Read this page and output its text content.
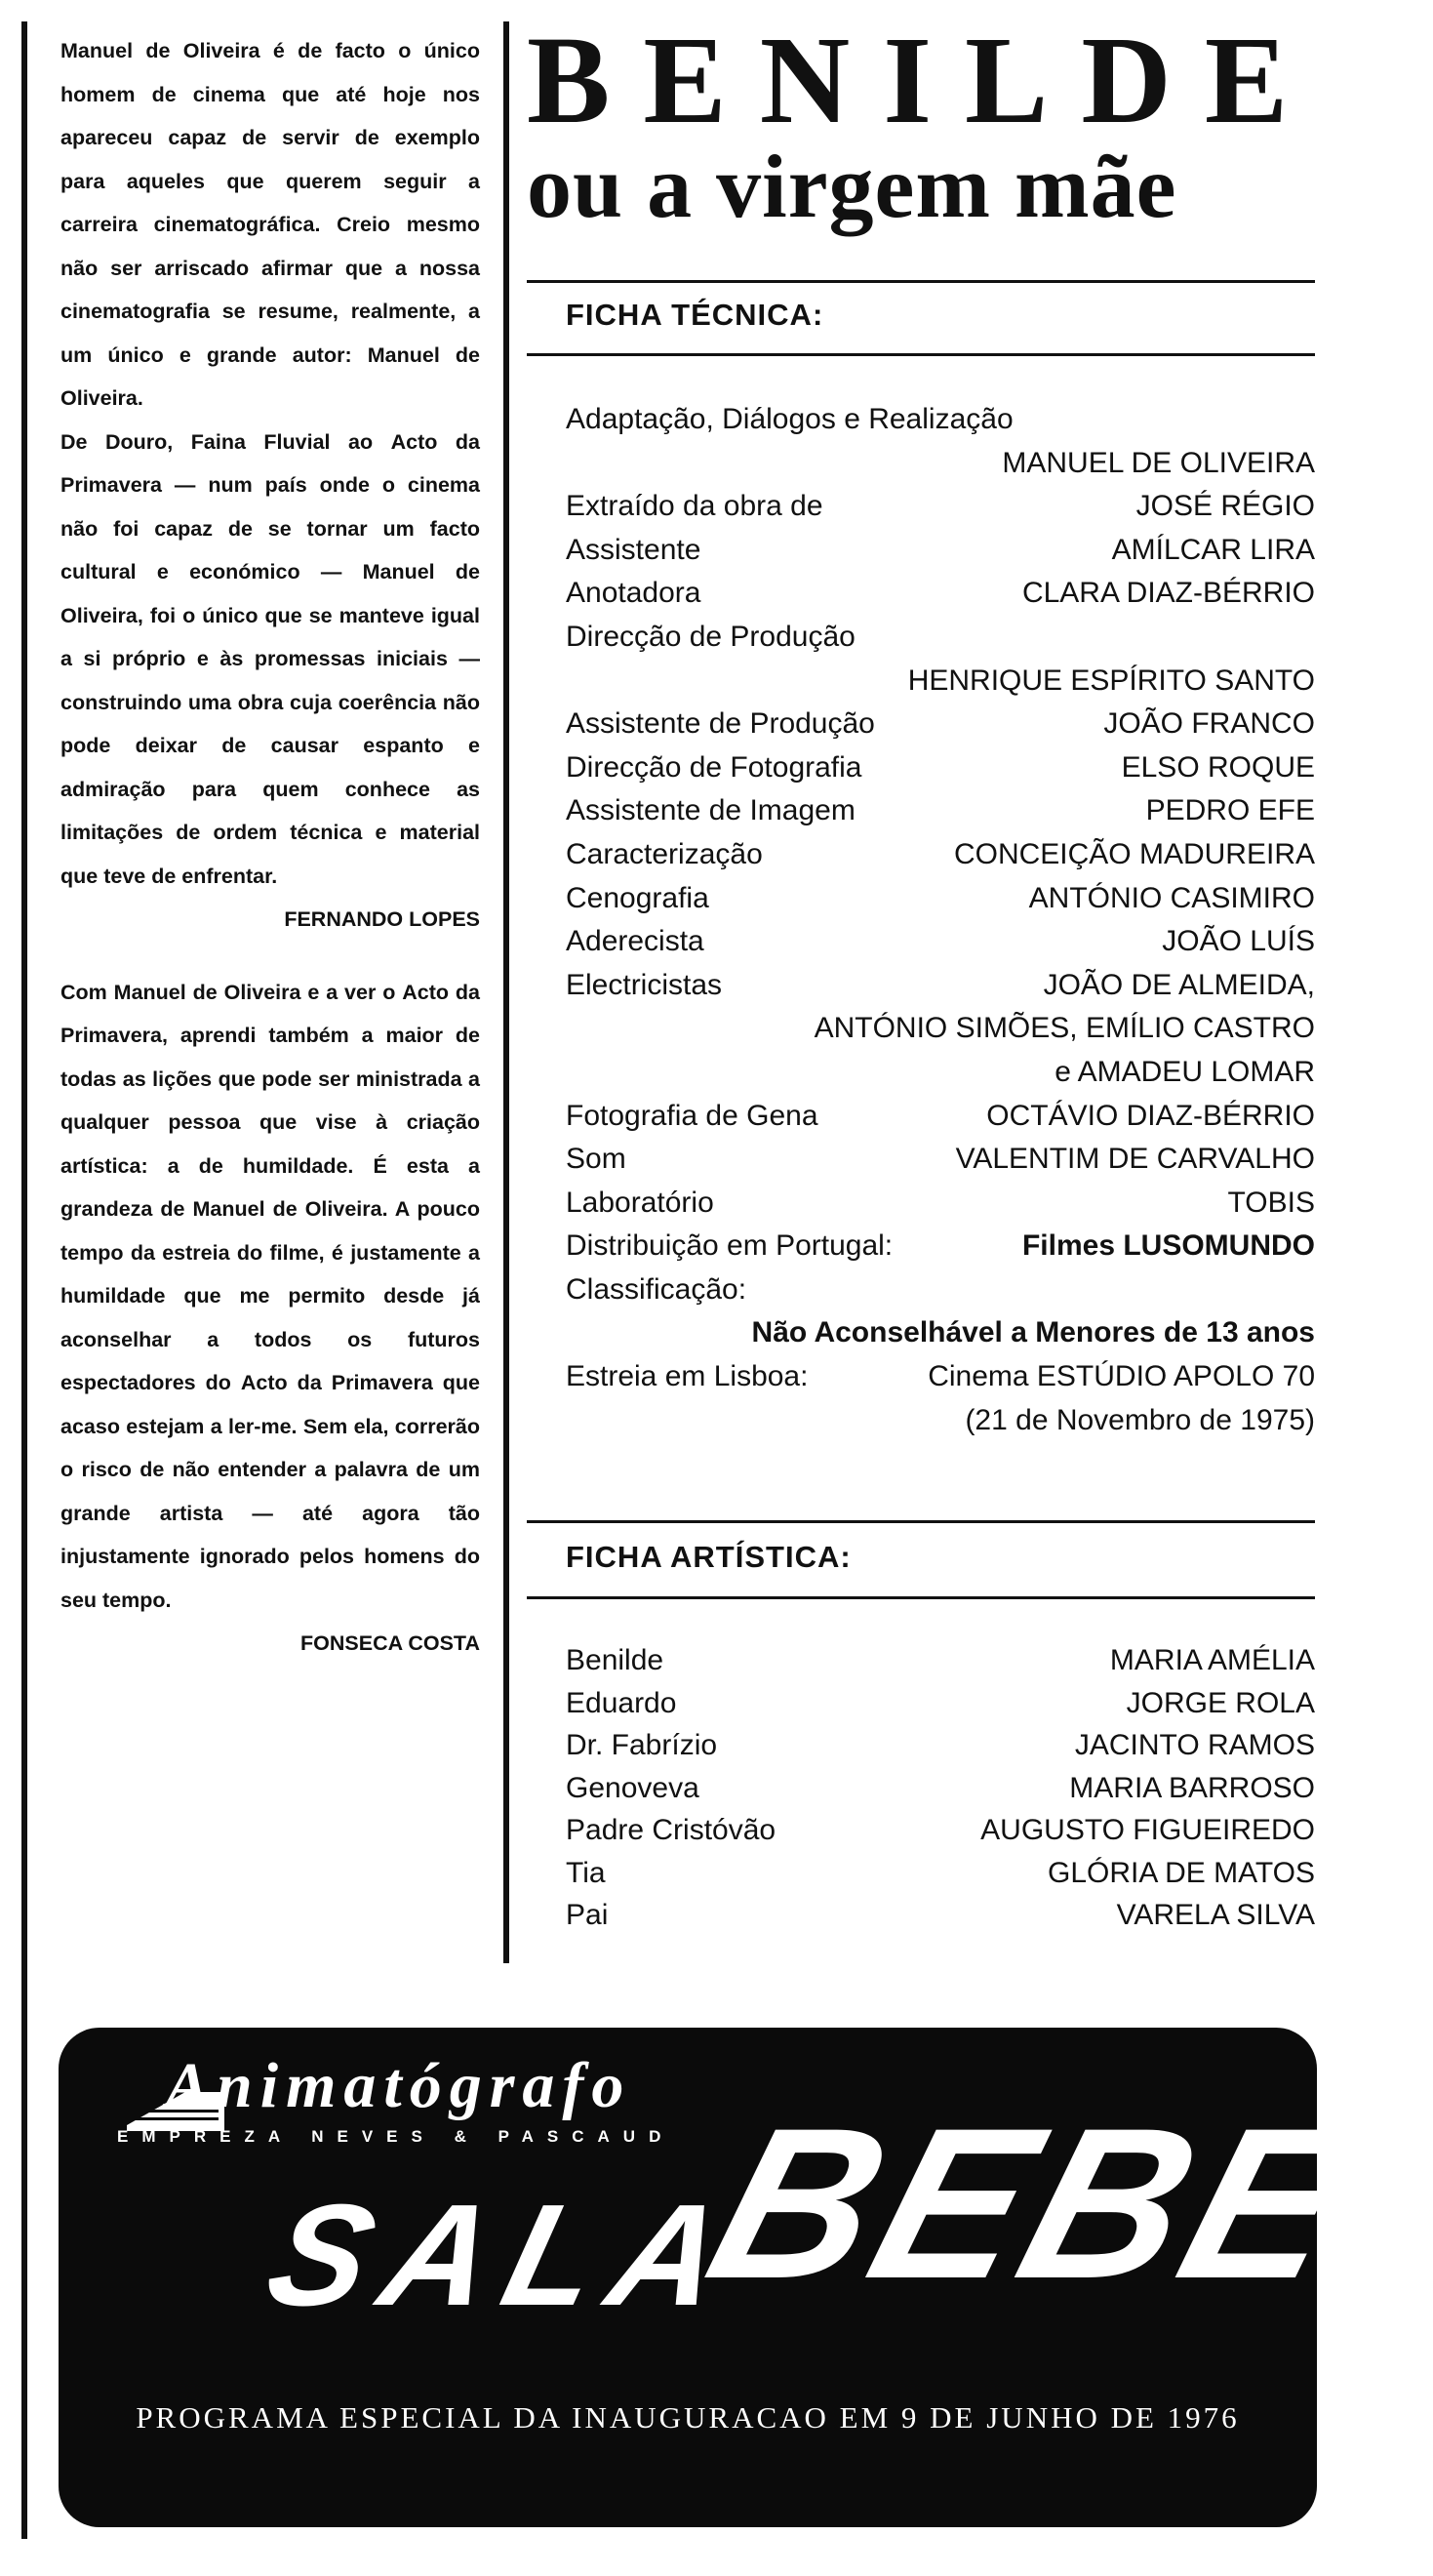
Manuel de Oliveira é de facto o único homem de cinema que até hoje nos apareceu capaz de servir de exemplo para aqueles que querem seguir a carreira cinematográfica. Creio mesmo não ser arriscado afirmar que a nossa cinematografia se resume, realmente, a um único e grande autor: Manuel de Oliveira.

De Douro, Faina Fluvial ao Acto da Primavera — num país onde o cinema não foi capaz de se tornar um facto cultural e económico — Manuel de Oliveira, foi o único que se manteve igual a si próprio e às promessas iniciais — construindo uma obra cuja coerência não pode deixar de causar espanto e admiração para quem conhece as limitações de ordem técnica e material que teve de enfrentar.

FERNANDO LOPES

Com Manuel de Oliveira e a ver o Acto da Primavera, aprendi também a maior de todas as lições que pode ser ministrada a qualquer pessoa que vise à criação artística: a de humildade. É esta a grandeza de Manuel de Oliveira. A pouco tempo da estreia do filme, é justamente a humildade que me permito desde já aconselhar a todos os futuros espectadores do Acto da Primavera que acaso estejam a ler-me. Sem ela, correrão o risco de não entender a palavra de um grande artista — até agora tão injustamente ignorado pelos homens do seu tempo.

FONSECA COSTA

BENILDE
ou a virgem mãe
FICHA TÉCNICA:
Adaptação, Diálogos e Realização
MANUEL DE OLIVEIRA
Extraído da obra de	JOSÉ RÉGIO
Assistente	AMÍLCAR LIRA
Anotadora	CLARA DIAZ-BÉRRIO
Direcção de Produção
HENRIQUE ESPÍRITO SANTO
Assistente de Produção	JOÃO FRANCO
Direcção de Fotografia	ELSO ROQUE
Assistente de Imagem	PEDRO EFE
Caracterização	CONCEIÇÃO MADUREIRA
Cenografia	ANTÓNIO CASIMIRO
Aderecista	JOÃO LUÍS
Electricistas	JOÃO DE ALMEIDA,
ANTÓNIO SIMÕES, EMÍLIO CASTRO
e AMADEU LOMAR
Fotografia de Gena	OCTÁVIO DIAZ-BÉRRIO
Som	VALENTIM DE CARVALHO
Laboratório	TOBIS
Distribuição em Portugal:	Filmes LUSOMUNDO
Classificação:
Não Aconselhável a Menores de 13 anos
Estreia em Lisboa:	Cinema ESTÚDIO APOLO 70
(21 de Novembro de 1975)
FICHA ARTÍSTICA:
Benilde	MARIA AMÉLIA
Eduardo	JORGE ROLA
Dr. Fabrízio	JACINTO RAMOS
Genoveva	MARIA BARROSO
Padre Cristóvão	AUGUSTO FIGUEIREDO
Tia	GLÓRIA DE MATOS
Pai	VARELA SILVA
Animatógrafo
EMPREZA NEVES & PASCAUD
SALA
BEBE'
PROGRAMA ESPECIAL DA INAUGURACAO EM 9 DE JUNHO DE 1976
